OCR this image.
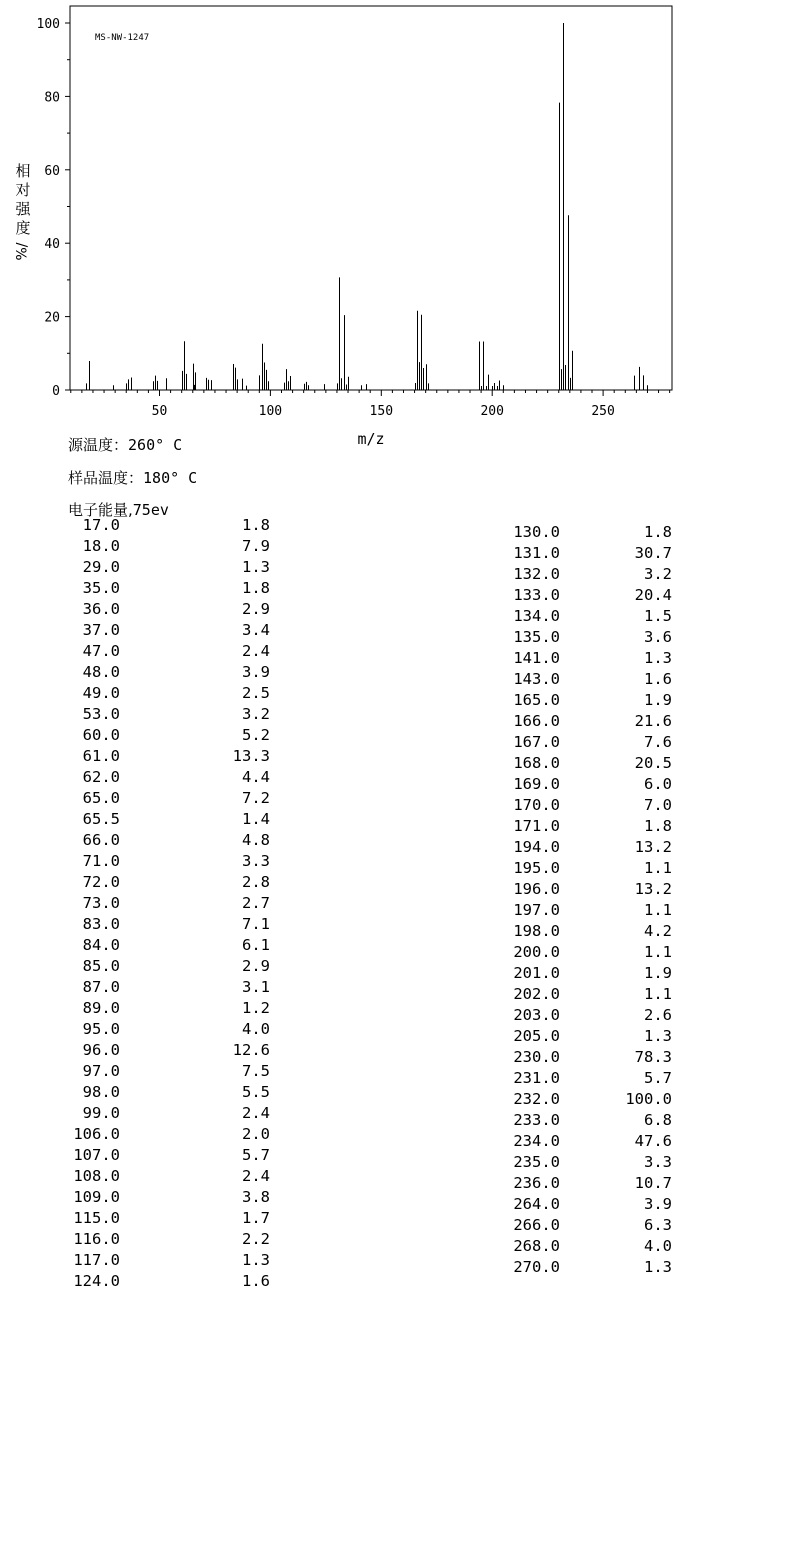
0
20
40
60
80
100
50	100	150	200	250
MS-NW-1247
m/z
相
对
强
度
%/
源温度：260° C
样品温度：180° C
电子能量,75ev
17.0	1.8
18.0	7.9
29.0	1.3
35.0	1.8
36.0	2.9
37.0	3.4
47.0	2.4
48.0	3.9
49.0	2.5
53.0	3.2
60.0	5.2
61.0	13.3
62.0	4.4
65.0	7.2
65.5	1.4
66.0	4.8
71.0	3.3
72.0	2.8
73.0	2.7
83.0	7.1
84.0	6.1
85.0	2.9
87.0	3.1
89.0	1.2
95.0	4.0
96.0	12.6
97.0	7.5
98.0	5.5
99.0	2.4
106.0	2.0
107.0	5.7
108.0	2.4
109.0	3.8
115.0	1.7
116.0	2.2
117.0	1.3
124.0	1.6
130.0	1.8
131.0	30.7
132.0	3.2
133.0	20.4
134.0	1.5
135.0	3.6
141.0	1.3
143.0	1.6
165.0	1.9
166.0	21.6
167.0	7.6
168.0	20.5
169.0	6.0
170.0	7.0
171.0	1.8
194.0	13.2
195.0	1.1
196.0	13.2
197.0	1.1
198.0	4.2
200.0	1.1
201.0	1.9
202.0	1.1
203.0	2.6
205.0	1.3
230.0	78.3
231.0	5.7
232.0	100.0
233.0	6.8
234.0	47.6
235.0	3.3
236.0	10.7
264.0	3.9
266.0	6.3
268.0	4.0
270.0	1.3
